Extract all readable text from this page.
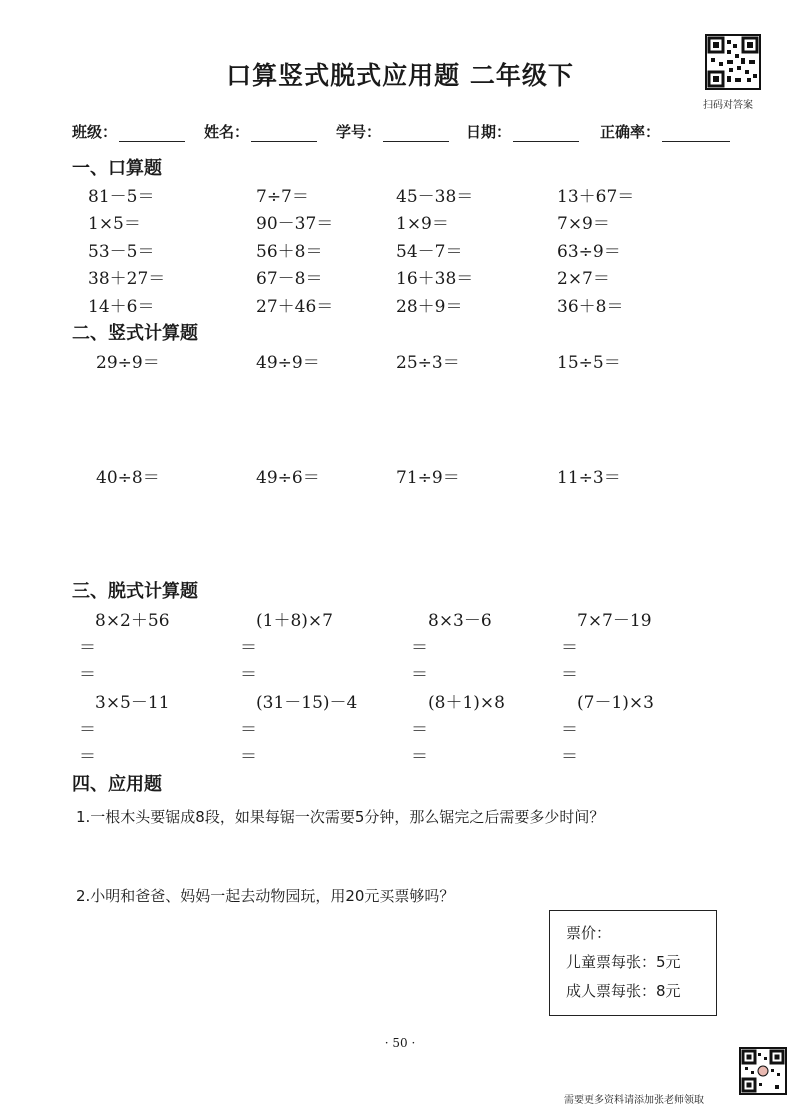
口算竖式脱式应用题 二年级下
扫码对答案
班级：	姓名：	学号：	日期：	正确率：
一、口算题
81－5＝	7÷7＝	45－38＝	13＋67＝
1×5＝	90－37＝	1×9＝	7×9＝
53－5＝	56＋8＝	54－7＝	63÷9＝
38＋27＝	67－8＝	16＋38＝	2×7＝
14＋6＝	27＋46＝	28＋9＝	36＋8＝
二、竖式计算题
29÷9＝	49÷9＝	25÷3＝	15÷5＝
40÷8＝	49÷6＝	71÷9＝	11÷3＝
三、脱式计算题
8×2＋56	(1＋8)×7	8×3－6	7×7－19
＝	＝	＝	＝
＝	＝	＝	＝
3×5－11	(31－15)－4	(8＋1)×8	(7－1)×3
＝	＝	＝	＝
＝	＝	＝	＝
四、应用题
1.一根木头要锯成8段，如果每锯一次需要5分钟，那么锯完之后需要多少时间？
2.小明和爸爸、妈妈一起去动物园玩，用20元买票够吗？
票价：
儿童票每张：5元
成人票每张：8元
· 50 ·
需要更多资料请添加张老师领取
